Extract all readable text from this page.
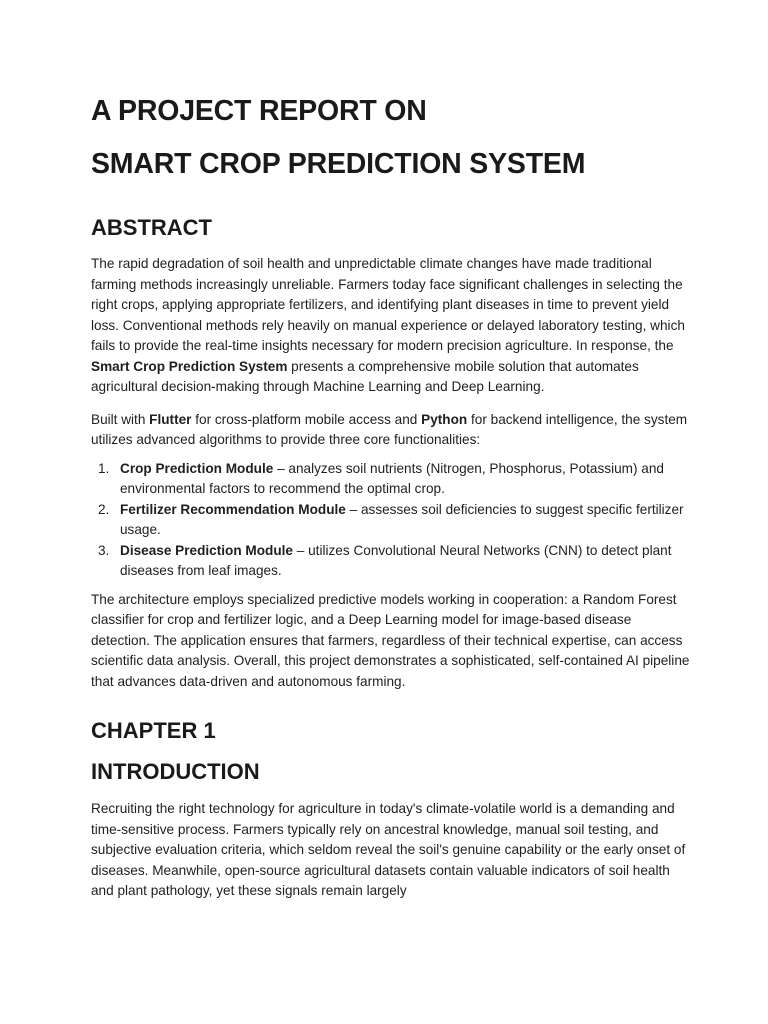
A PROJECT REPORT ON
SMART CROP PREDICTION SYSTEM
ABSTRACT

The rapid degradation of soil health and unpredictable climate changes have made traditional farming methods increasingly unreliable. Farmers today face significant challenges in selecting the right crops, applying appropriate fertilizers, and identifying plant diseases in time to prevent yield loss. Conventional methods rely heavily on manual experience or delayed laboratory testing, which fails to provide the real-time insights necessary for modern precision agriculture. In response, the Smart Crop Prediction System presents a comprehensive mobile solution that automates agricultural decision-making through Machine Learning and Deep Learning.

Built with Flutter for cross-platform mobile access and Python for backend intelligence, the system utilizes advanced algorithms to provide three core functionalities:

1. Crop Prediction Module – analyzes soil nutrients (Nitrogen, Phosphorus, Potassium) and environmental factors to recommend the optimal crop.
2. Fertilizer Recommendation Module – assesses soil deficiencies to suggest specific fertilizer usage.
3. Disease Prediction Module – utilizes Convolutional Neural Networks (CNN) to detect plant diseases from leaf images.

The architecture employs specialized predictive models working in cooperation: a Random Forest classifier for crop and fertilizer logic, and a Deep Learning model for image-based disease detection. The application ensures that farmers, regardless of their technical expertise, can access scientific data analysis. Overall, this project demonstrates a sophisticated, self-contained AI pipeline that advances data-driven and autonomous farming.

CHAPTER 1
INTRODUCTION

Recruiting the right technology for agriculture in today's climate-volatile world is a demanding and time-sensitive process. Farmers typically rely on ancestral knowledge, manual soil testing, and subjective evaluation criteria, which seldom reveal the soil's genuine capability or the early onset of diseases. Meanwhile, open-source agricultural datasets contain valuable indicators of soil health and plant pathology, yet these signals remain largely
